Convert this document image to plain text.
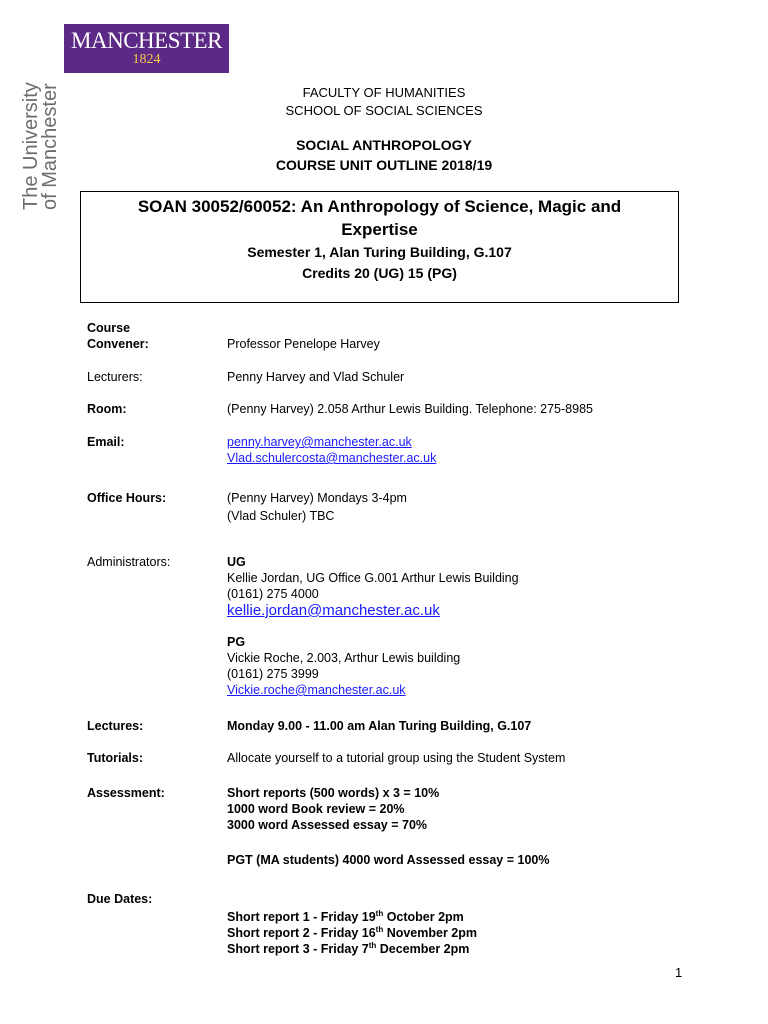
MANCHESTER
1824
The University
of Manchester	FACULTY OF HUMANITIES
SCHOOL OF SOCIAL SCIENCES
SOCIAL ANTHROPOLOGY
COURSE UNIT OUTLINE 2018/19
SOAN 30052/60052: An Anthropology of Science, Magic and Expertise
Semester 1, Alan Turing Building, G.107
Credits 20 (UG) 15 (PG)
Course
Convener:	Professor Penelope Harvey
Lecturers:	Penny Harvey and Vlad Schuler
Room:	(Penny Harvey) 2.058 Arthur Lewis Building. Telephone: 275-8985
Email:	penny.harvey@manchester.ac.uk
Vlad.schulercosta@manchester.ac.uk
Office Hours:	(Penny Harvey) Mondays 3-4pm
(Vlad Schuler) TBC
Administrators:	UG
Kellie Jordan, UG Office G.001 Arthur Lewis Building
(0161) 275 4000
kellie.jordan@manchester.ac.uk
PG
Vickie Roche, 2.003, Arthur Lewis building
(0161) 275 3999
Vickie.roche@manchester.ac.uk
Lectures:	Monday 9.00 - 11.00 am Alan Turing Building, G.107
Tutorials:	Allocate yourself to a tutorial group using the Student System
Assessment:	Short reports (500 words) x 3 = 10%
1000 word Book review = 20%
3000 word Assessed essay = 70%
PGT (MA students) 4000 word Assessed essay = 100%
Due Dates:
Short report 1 - Friday 19th October 2pm
Short report 2 - Friday 16th November 2pm
Short report 3 - Friday 7th December 2pm
1
